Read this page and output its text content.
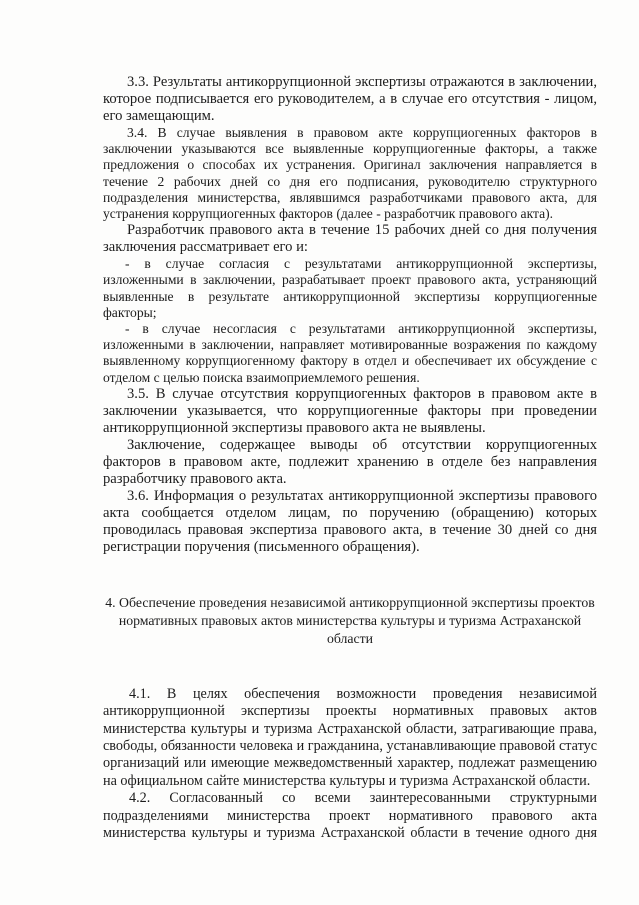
3.3. Результаты антикоррупционной экспертизы отражаются в заключении, которое подписывается его руководителем, а в случае его отсутствия - лицом, его замещающим.

3.4. В случае выявления в правовом акте коррупциогенных факторов в заключении указываются все выявленные коррупциогенные факторы, а также предложения о способах их устранения. Оригинал заключения направляется в течение 2 рабочих дней со дня его подписания, руководителю структурного подразделения министерства, являвшимся разработчиками правового акта, для устранения коррупциогенных факторов (далее - разработчик правового акта).

Разработчик правового акта в течение 15 рабочих дней со дня получения заключения рассматривает его и:

- в случае согласия с результатами антикоррупционной экспертизы, изложенными в заключении, разрабатывает проект правового акта, устраняющий выявленные в результате антикоррупционной экспертизы коррупциогенные факторы;

- в случае несогласия с результатами антикоррупционной экспертизы, изложенными в заключении, направляет мотивированные возражения по каждому выявленному коррупциогенному фактору в отдел и обеспечивает их обсуждение с отделом с целью поиска взаимоприемлемого решения.

3.5. В случае отсутствия коррупциогенных факторов в правовом акте в заключении указывается, что коррупциогенные факторы при проведении антикоррупционной экспертизы правового акта не выявлены.

Заключение, содержащее выводы об отсутствии коррупциогенных факторов в правовом акте, подлежит хранению в отделе без направления разработчику правового акта.

3.6. Информация о результатах антикоррупционной экспертизы правового акта сообщается отделом лицам, по поручению (обращению) которых проводилась правовая экспертиза правового акта, в течение 30 дней со дня регистрации поручения (письменного обращения).

4. Обеспечение проведения независимой антикоррупционной экспертизы проектов нормативных правовых актов министерства культуры и туризма Астраханской области

4.1. В целях обеспечения возможности проведения независимой антикоррупционной экспертизы проекты нормативных правовых актов министерства культуры и туризма Астраханской области, затрагивающие права, свободы, обязанности человека и гражданина, устанавливающие правовой статус организаций или имеющие межведомственный характер, подлежат размещению на официальном сайте министерства культуры и туризма Астраханской области.

4.2. Согласованный со всеми заинтересованными структурными подразделениями министерства проект нормативного правового акта министерства культуры и туризма Астраханской области в течение одного дня
